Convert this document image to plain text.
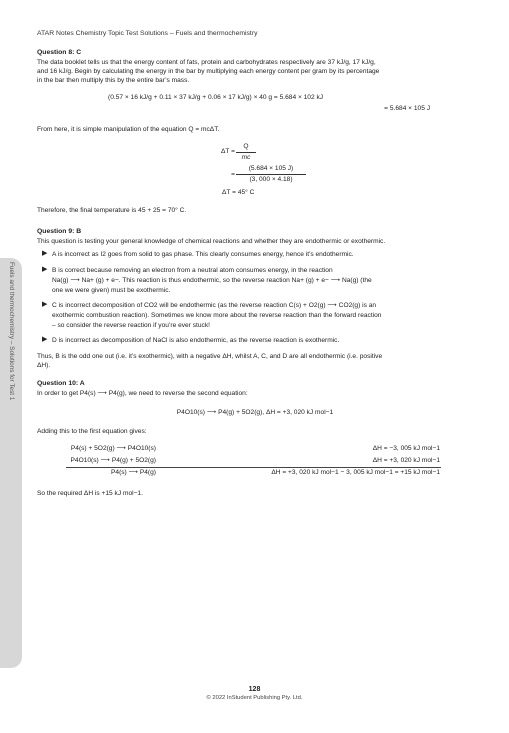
ATAR Notes Chemistry Topic Test Solutions – Fuels and thermochemistry
Fuels and thermochemistry – Solutions for Test 1
Question 8: C
The data booklet tells us that the energy content of fats, protein and carbohydrates respectively are 37 kJ/g, 17 kJ/g,
and 16 kJ/g. Begin by calculating the energy in the bar by multiplying each energy content per gram by its percentage
in the bar then multiply this by the entire bar’s mass.
(0.57 × 16 kJ/g + 0.11 × 37 kJ/g + 0.06 × 17 kJ/g) × 40 g = 5.684 × 102 kJ
= 5.684 × 105 J
From here, it is simple manipulation of the equation Q = mcΔT.
ΔT =
Q
mc
=
(5.684 × 105 J)
(3, 000 × 4.18)
ΔT = 45° C
Therefore, the final temperature is 45 + 25 = 70° C.
Question 9: B
This question is testing your general knowledge of chemical reactions and whether they are endothermic or exothermic.
▶ A is incorrect as I2 goes from solid to gas phase. This clearly consumes energy, hence it’s endothermic.
▶ B is correct because removing an electron from a neutral atom consumes energy, in the reaction
Na(g) ⟶ Na+ (g) + e−. This reaction is thus endothermic, so the reverse reaction Na+ (g) + e− ⟶ Na(g) (the
one we were given) must be exothermic.
▶ C is incorrect decomposition of CO2 will be endothermic (as the reverse reaction C(s) + O2(g) ⟶ CO2(g) is an
exothermic combustion reaction). Sometimes we know more about the reverse reaction than the forward reaction
– so consider the reverse reaction if you’re ever stuck!
▶ D is incorrect as decomposition of NaCl is also endothermic, as the reverse reaction is exothermic.
Thus, B is the odd one out (i.e. it’s exothermic), with a negative ΔH, whilst A, C, and D are all endothermic (i.e. positive
ΔH).
Question 10: A
In order to get P4(s) ⟶ P4(g), we need to reverse the second equation:
P4O10(s) ⟶ P4(g) + 5O2(g), ΔH = +3, 020 kJ mol−1
Adding this to the first equation gives:
P4(s) + 5O2(g) ⟶ P4O10(s)	ΔH = −3, 005 kJ mol−1
P4O10(s) ⟶ P4(g) + 5O2(g)	ΔH = +3, 020 kJ mol−1
P4(s) ⟶ P4(g)	ΔH = +3, 020 kJ mol−1 − 3, 005 kJ mol−1 = +15 kJ mol−1
So the required ΔH is +15 kJ mol−1.
128
© 2022 InStudent Publishing Pty. Ltd.
